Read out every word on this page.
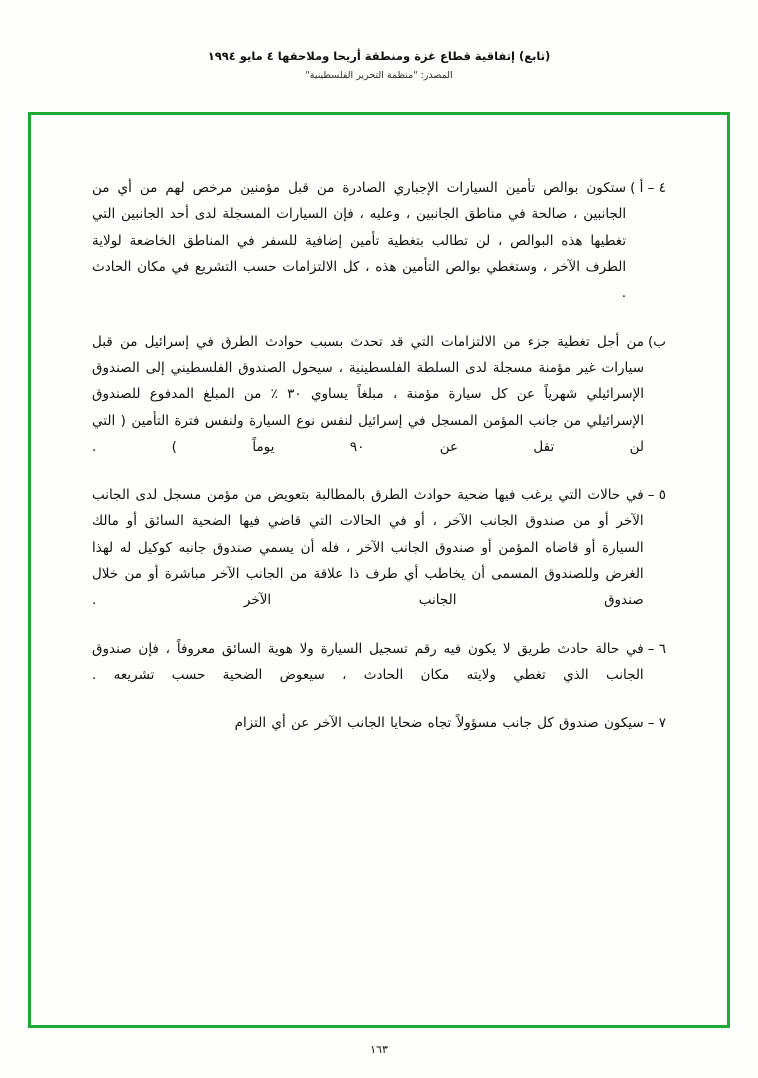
(تابع) إتفاقية قطاع غزة ومنطقة أريحا وملاحقها ٤ مايو ١٩٩٤
المصدر: "منظمة التحرير الفلسطينية"
٤ – أ )
ستكون بوالص تأمين السيارات الإجباري الصادرة من قبل مؤمنين مرخص لهم من أي من الجانبين ، صالحة في مناطق الجانبين ، وعليه ، فإن السيارات المسجلة لدى أحد الجانبين التي تغطيها هذه البوالص ، لن تطالب بتغطية تأمين إضافية للسفر في المناطق الخاضعة لولاية الطرف الآخر ، وستغطي بوالص التأمين هذه ، كل الالتزامات حسب التشريع في مكان الحادث .
ب)
من أجل تغطية جزء من الالتزامات التي قد تحدث بسبب حوادث الطرق في إسرائيل من قبل سيارات غير مؤمنة مسجلة لدى السلطة الفلسطينية ، سيحول الصندوق الفلسطيني إلى الصندوق الإسرائيلي شهرياً عن كل سيارة مؤمنة ، مبلغاً يساوي ٣٠ ٪ من المبلغ المدفوع للصندوق الإسرائيلي من جانب المؤمن المسجل في إسرائيل لنفس نوع السيارة ولنفس فترة التأمين ( التي لن تقل عن ٩٠ يوماً ) .
٥ –
في حالات التي يرغب فيها ضحية حوادث الطرق بالمطالبة بتعويض من مؤمن مسجل لدى الجانب الآخر أو من صندوق الجانب الآخر ، أو في الحالات التي قاضي فيها الضحية السائق أو مالك السيارة أو قاضاه المؤمن أو صندوق الجانب الآخر ، فله أن يسمي صندوق جانبه كوكيل له لهذا الغرض وللصندوق المسمى أن يخاطب أي طرف ذا علاقة من الجانب الآخر مباشرة أو من خلال صندوق الجانب الآخر .
٦ –
في حالة حادث طريق لا يكون فيه رقم تسجيل السيارة ولا هوية السائق معروفاً ، فإن صندوق الجانب الذي تغطي ولايته مكان الحادث ، سيعوض الضحية حسب تشريعه .
٧ –
سيكون صندوق كل جانب مسؤولاً تجاه ضحايا الجانب الآخر عن أي التزام
١٦٣
